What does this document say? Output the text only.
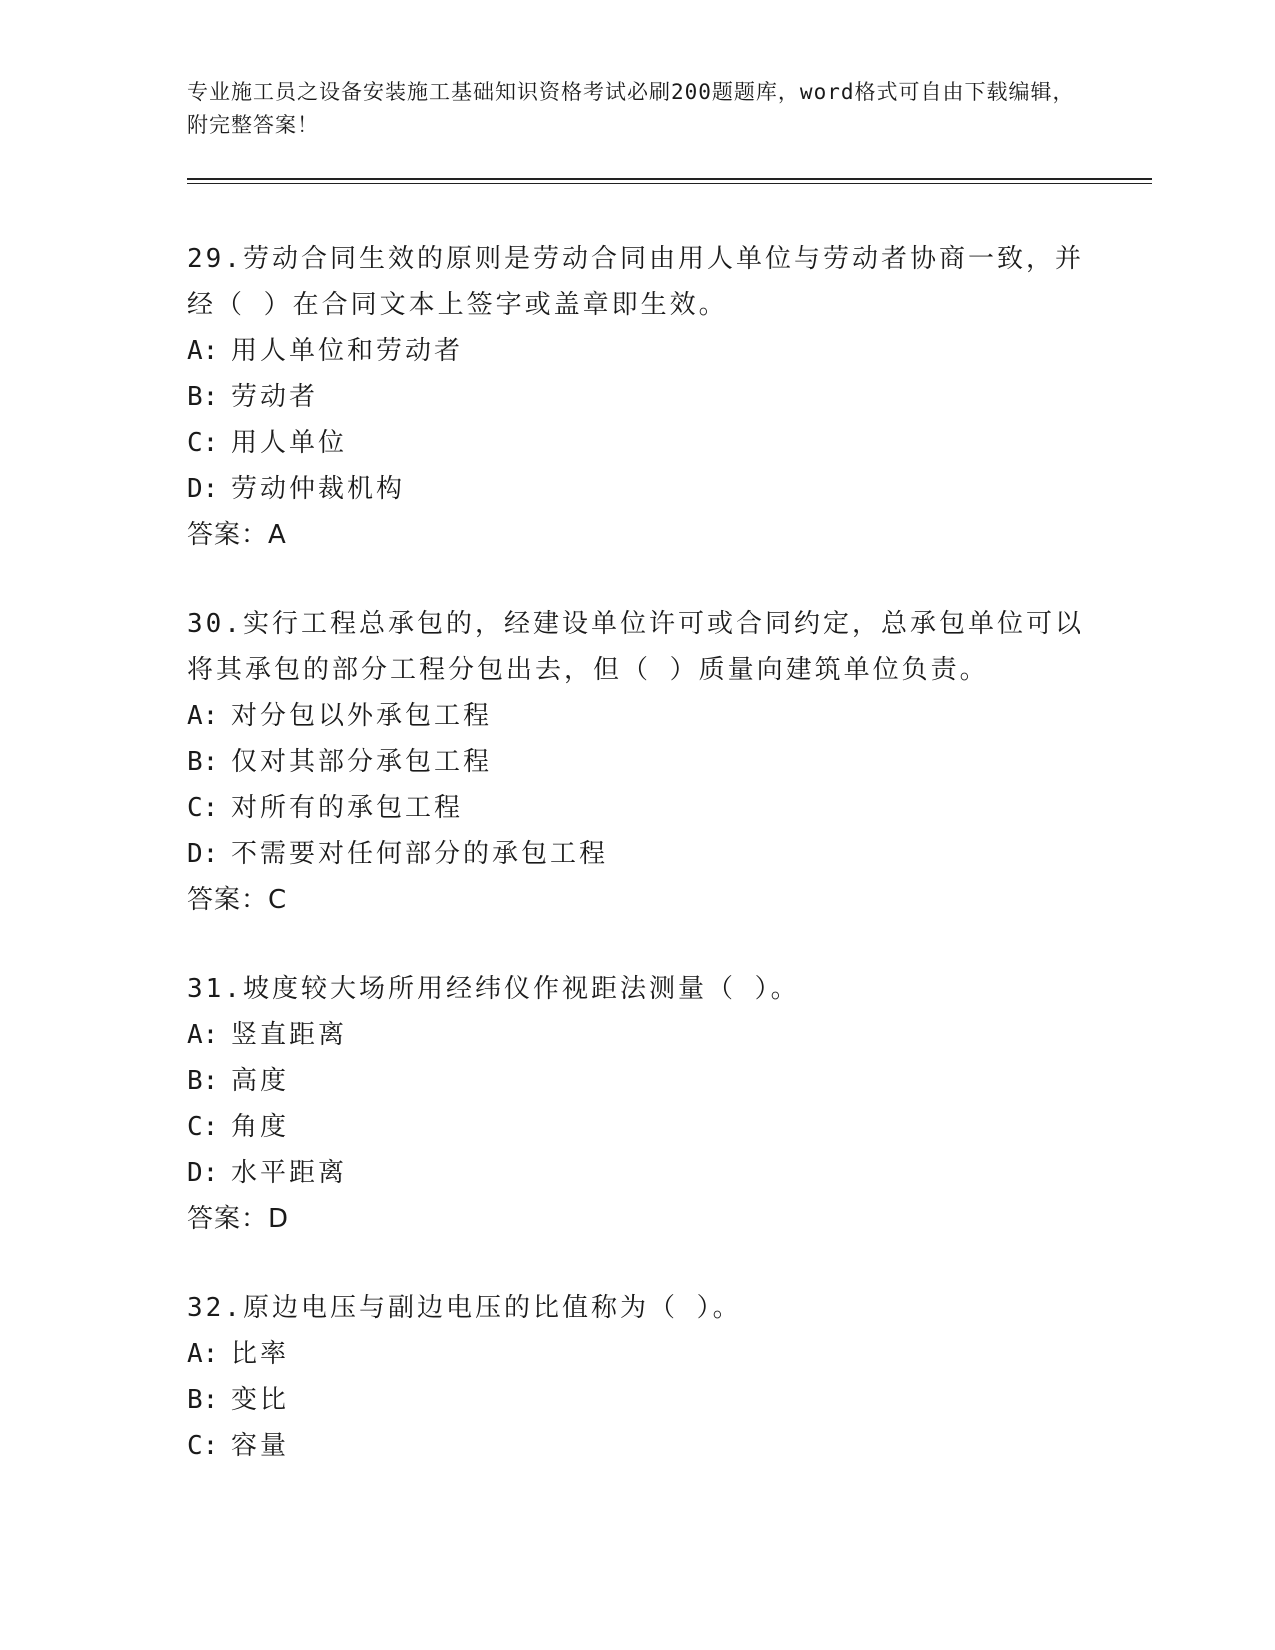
专业施工员之设备安装施工基础知识资格考试必刷200题题库，word格式可自由下载编辑，附完整答案！

29.劳动合同生效的原则是劳动合同由用人单位与劳动者协商一致，并经（ ）在合同文本上签字或盖章即生效。

A: 用人单位和劳动者

B: 劳动者

C: 用人单位

D: 劳动仲裁机构

答案：A

30.实行工程总承包的，经建设单位许可或合同约定，总承包单位可以将其承包的部分工程分包出去，但（ ）质量向建筑单位负责。

A: 对分包以外承包工程

B: 仅对其部分承包工程

C: 对所有的承包工程

D: 不需要对任何部分的承包工程

答案：C

31.坡度较大场所用经纬仪作视距法测量（ ）。

A: 竖直距离

B: 高度

C: 角度

D: 水平距离

答案：D

32.原边电压与副边电压的比值称为（ ）。

A: 比率

B: 变比

C: 容量
